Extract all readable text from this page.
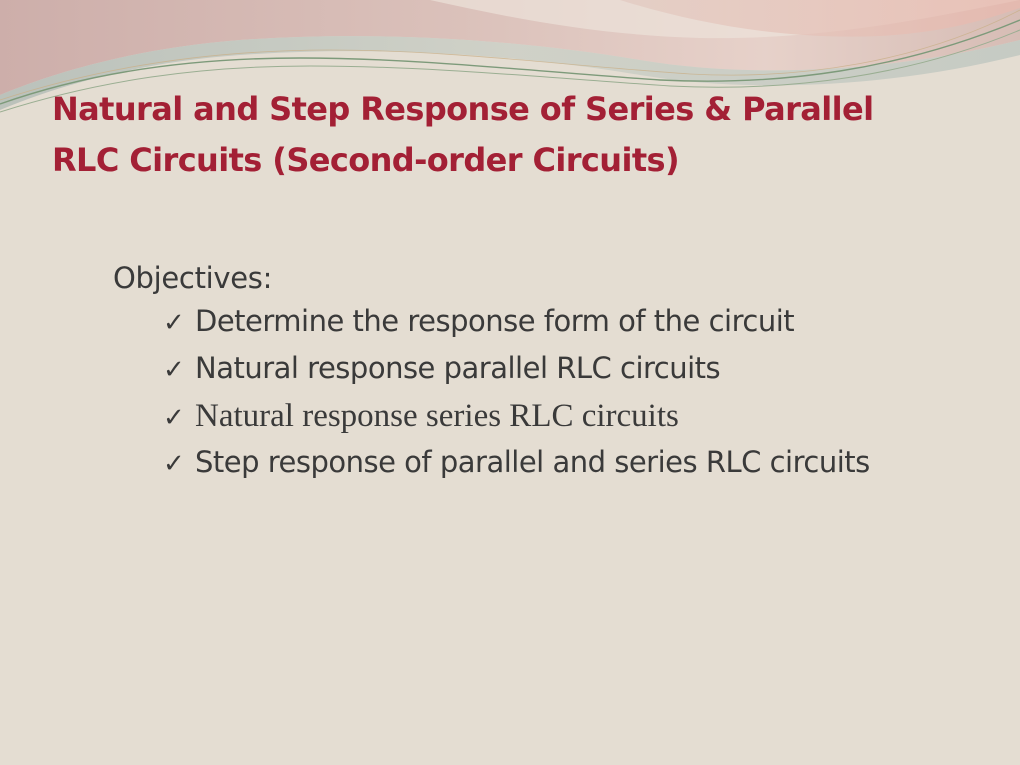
Natural and Step Response of Series & Parallel
RLC Circuits (Second-order Circuits)
Objectives:
✓ Determine the response form of the circuit
✓ Natural response parallel RLC circuits
✓ Natural response series RLC circuits
✓ Step response of parallel and series RLC circuits
